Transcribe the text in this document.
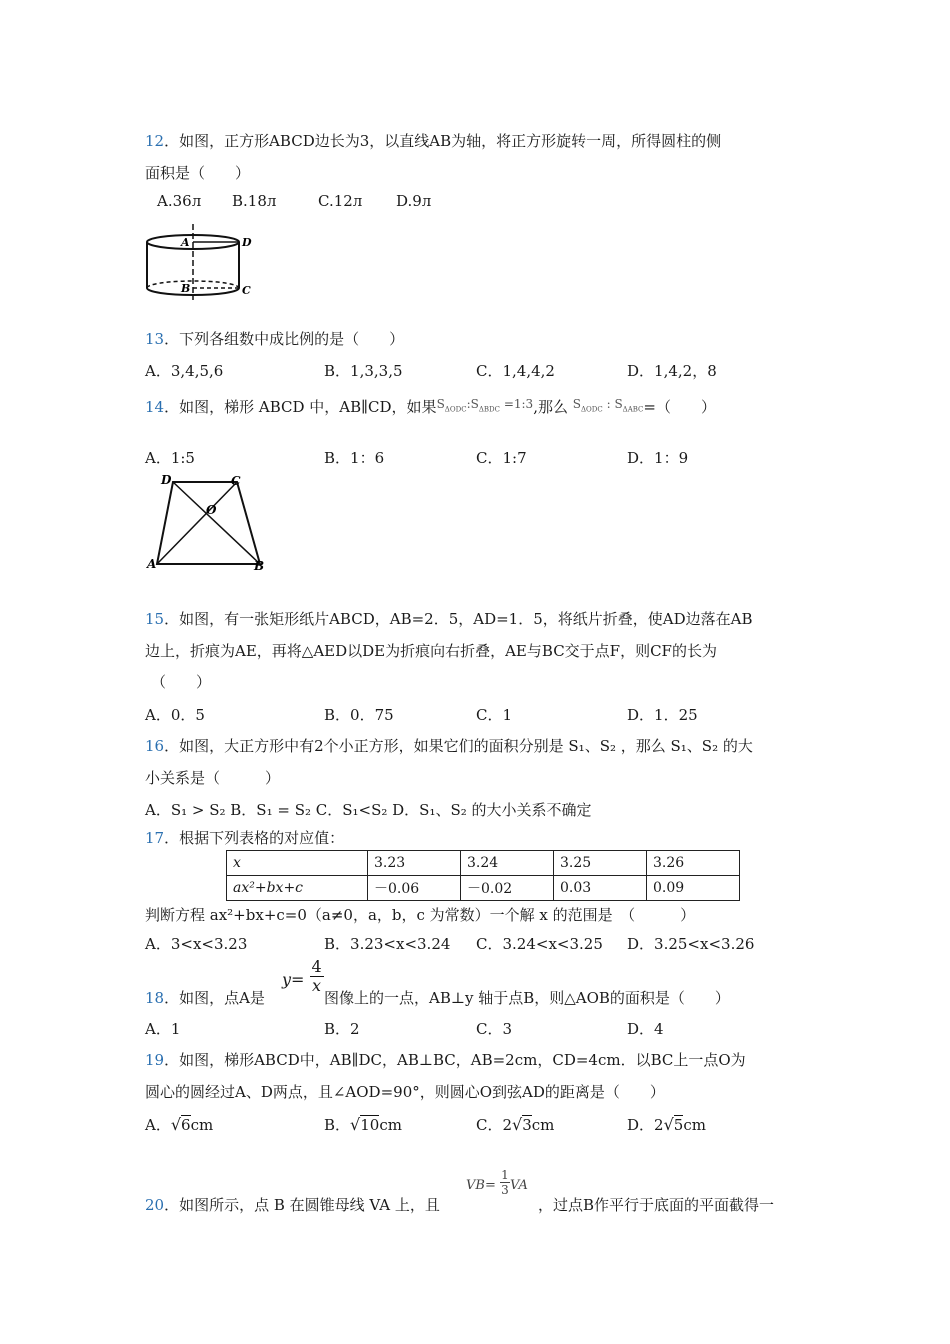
12．如图，正方形ABCD边长为3，以直线AB为轴，将正方形旋转一周，所得圆柱的侧
面积是（　　）
A.36л B.18л	C.12л D.9л
A	D
B	C
13．下列各组数中成比例的是（　　）
A．3,4,5,6	B．1,3,3,5	C．1,4,4,2	D．1,4,2，8
14．如图，梯形 ABCD 中，AB∥CD，如果$^{S_{\Delta ODC}:S_{\Delta BDC} =1:3}$,那么 $^{S_{\Delta ODC} : S_{\Delta ABC}}$=（　　）
A．1:5	B．1：6	C．1:7	D．1：9
D	C
O
A	B
15．如图，有一张矩形纸片ABCD，AB=2．5，AD=1．5，将纸片折叠，使AD边落在AB
边上，折痕为AE，再将△AED以DE为折痕向右折叠，AE与BC交于点F，则CF的长为
（　　）
A．0．5	B．0．75	C．1	D．1．25
16．如图，大正方形中有2个小正方形，如果它们的面积分别是 S₁、S₂ ，那么 S₁、S₂ 的大
小关系是（　　　）
A．S₁ > S₂ B．S₁ = S₂ C．S₁<S₂ D．S₁、S₂ 的大小关系不确定
17．根据下列表格的对应值：
x	3.23	3.24	3.25	3.26
ax²+bx+c	－0.06	－0.02	0.03	0.09
判断方程 ax²+bx+c=0（a≠0，a，b，c 为常数）一个解 x 的范围是　（　　　）
A．3<x<3.23	B．3.23<x<3.24 C．3.24<x<3.25 D．3.25<x<3.26
18．如图，点A是
$y= \frac{4}{x}$
图像上的一点，AB⊥y 轴于点B，则△AOB的面积是（　　）
A．1	B．2	C．3	D．4
19．如图，梯形ABCD中，AB∥DC，AB⊥BC，AB=2cm，CD=4cm．以BC上一点O为
圆心的圆经过A、D两点，且∠AOD=90°，则圆心O到弦AD的距离是（　　）
A．√6cm	B．√10cm	C．2√3cm	D．2√5cm
20．如图所示，点 B 在圆锥母线 VA 上，且
$VB= \frac{1}{3}$ VA
，过点B作平行于底面的平面截得一
